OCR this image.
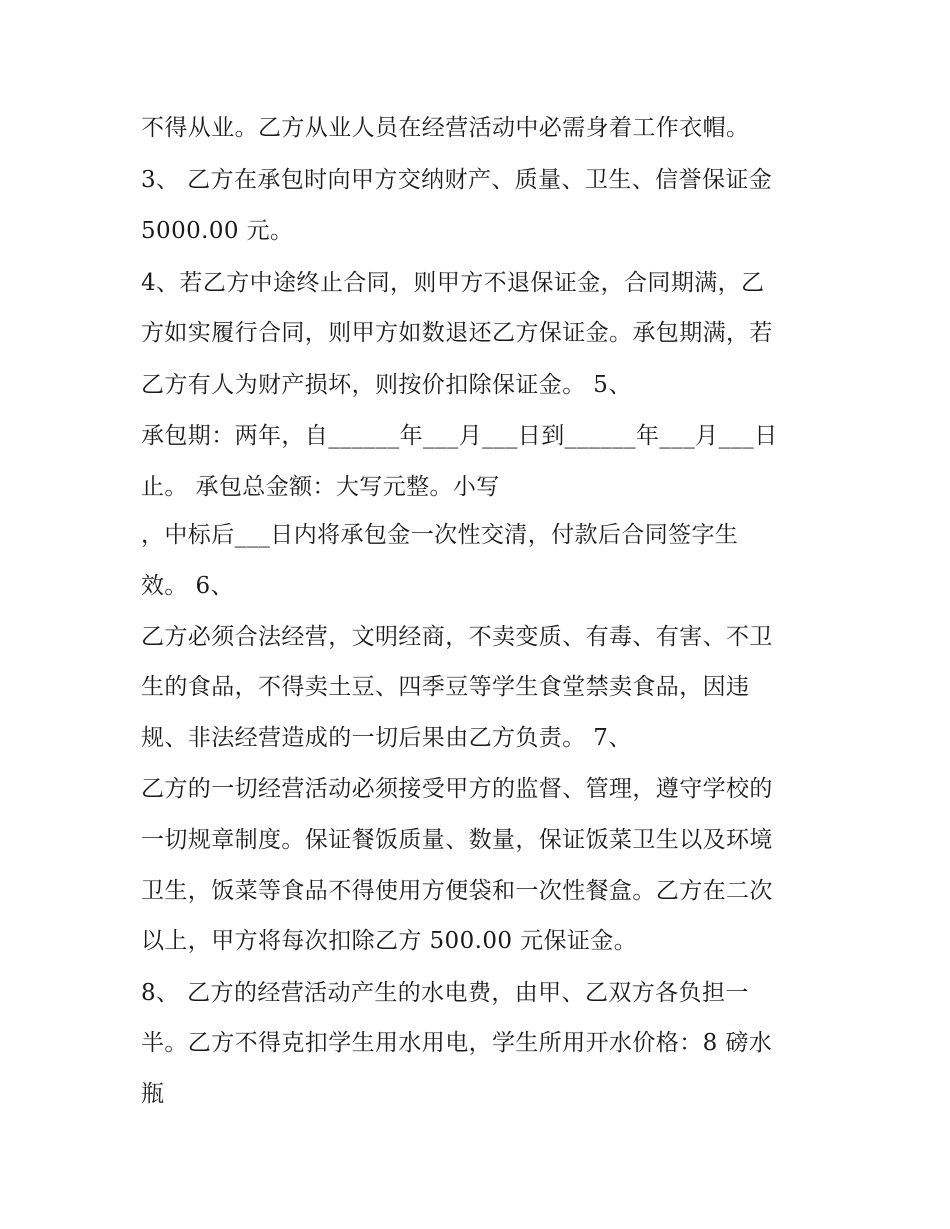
不得从业。乙方从业人员在经营活动中必需身着工作衣帽。
3、 乙方在承包时向甲方交纳财产、质量、卫生、信誉保证金
5000.00 元。
4、若乙方中途终止合同，则甲方不退保证金，合同期满，乙
方如实履行合同，则甲方如数退还乙方保证金。承包期满，若
乙方有人为财产损坏，则按价扣除保证金。 5、
承包期：两年，自______年___月___日到______年___月___日
止。 承包总金额：大写元整。小写
，中标后___日内将承包金一次性交清，付款后合同签字生
效。 6、
乙方必须合法经营，文明经商，不卖变质、有毒、有害、不卫
生的食品，不得卖土豆、四季豆等学生食堂禁卖食品，因违
规、非法经营造成的一切后果由乙方负责。 7、
乙方的一切经营活动必须接受甲方的监督、管理，遵守学校的
一切规章制度。保证餐饭质量、数量，保证饭菜卫生以及环境
卫生，饭菜等食品不得使用方便袋和一次性餐盒。乙方在二次
以上，甲方将每次扣除乙方 500.00 元保证金。
8、 乙方的经营活动产生的水电费，由甲、乙双方各负担一
半。乙方不得克扣学生用水用电，学生所用开水价格：8 磅水
瓶
